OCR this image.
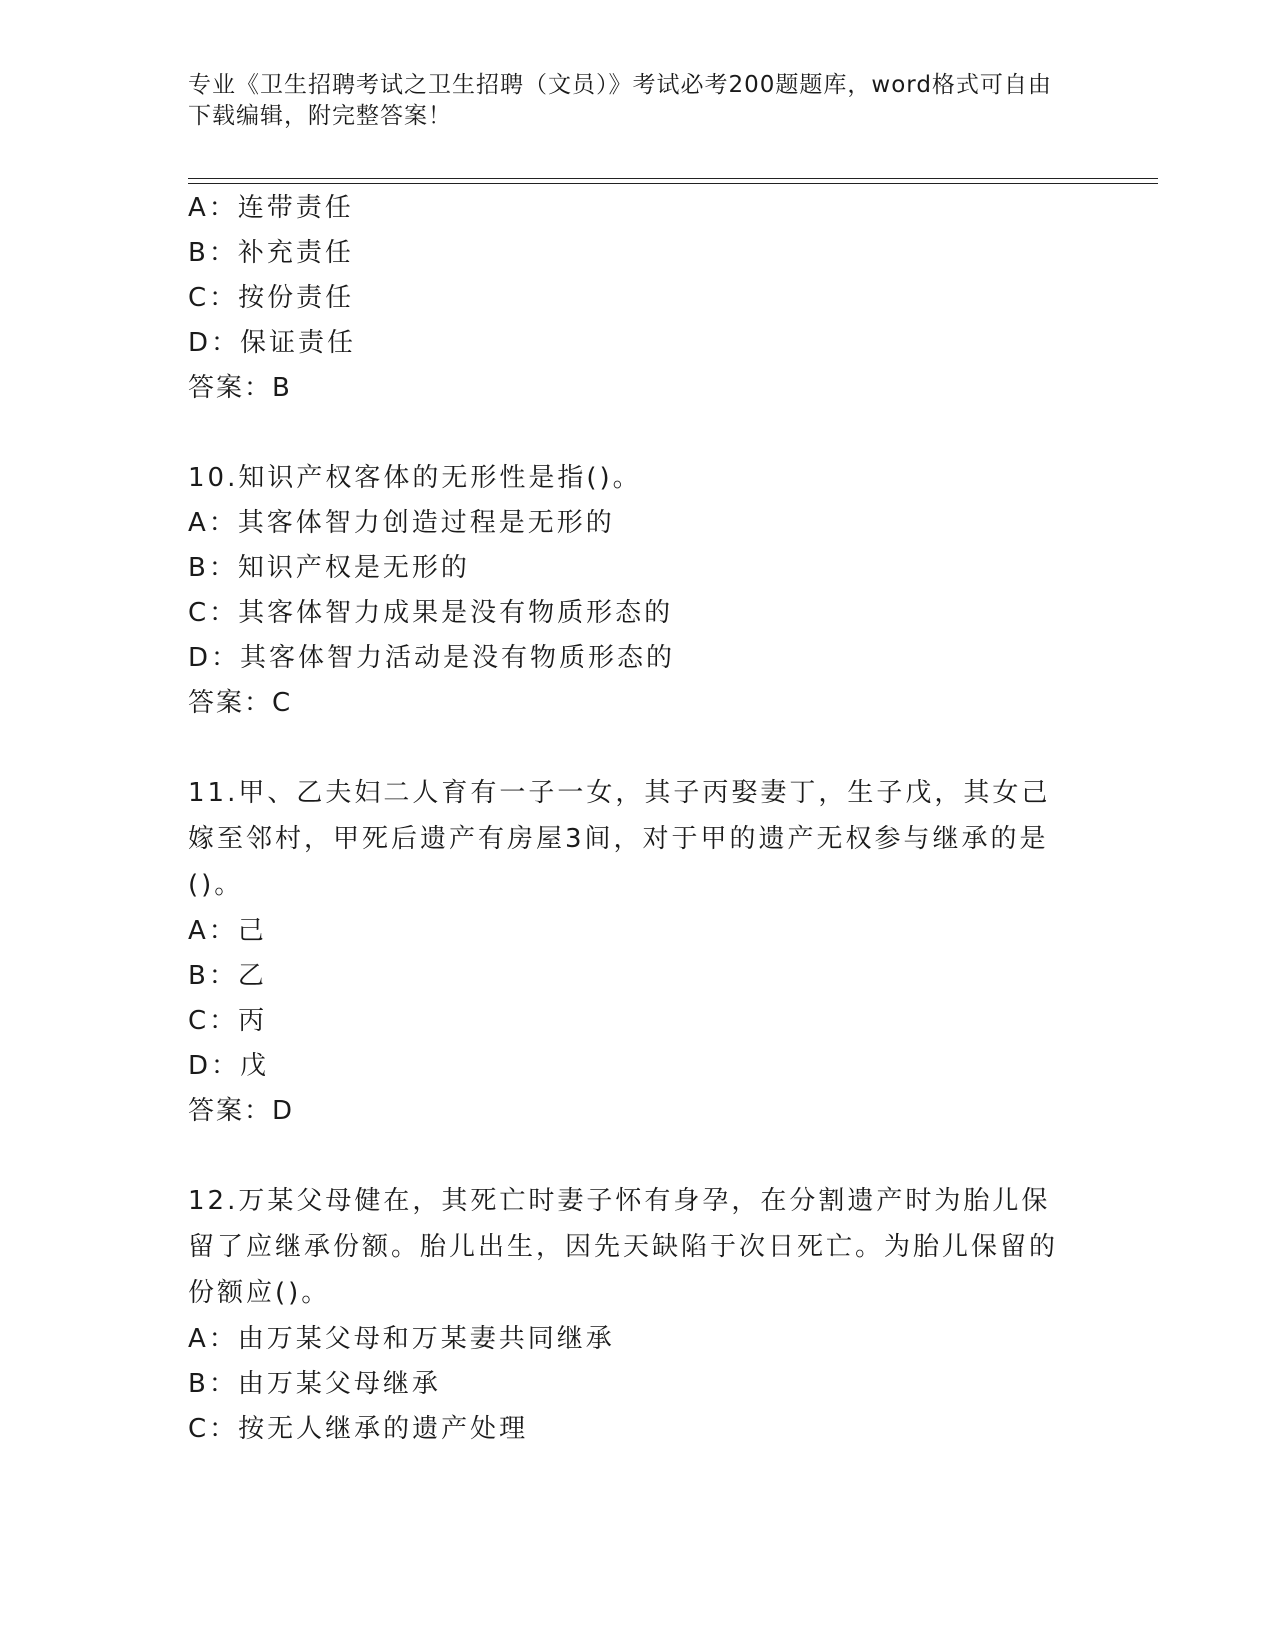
专业《卫生招聘考试之卫生招聘（文员）》考试必考200题题库，word格式可自由下载编辑，附完整答案！
A：连带责任
B：补充责任
C：按份责任
D：保证责任
答案：B
10.知识产权客体的无形性是指()。
A：其客体智力创造过程是无形的
B：知识产权是无形的
C：其客体智力成果是没有物质形态的
D：其客体智力活动是没有物质形态的
答案：C
11.甲、乙夫妇二人育有一子一女，其子丙娶妻丁，生子戊，其女己嫁至邻村，甲死后遗产有房屋3间，对于甲的遗产无权参与继承的是()。
A：己
B：乙
C：丙
D：戊
答案：D
12.万某父母健在，其死亡时妻子怀有身孕，在分割遗产时为胎儿保留了应继承份额。胎儿出生，因先天缺陷于次日死亡。为胎儿保留的份额应()。
A：由万某父母和万某妻共同继承
B：由万某父母继承
C：按无人继承的遗产处理
